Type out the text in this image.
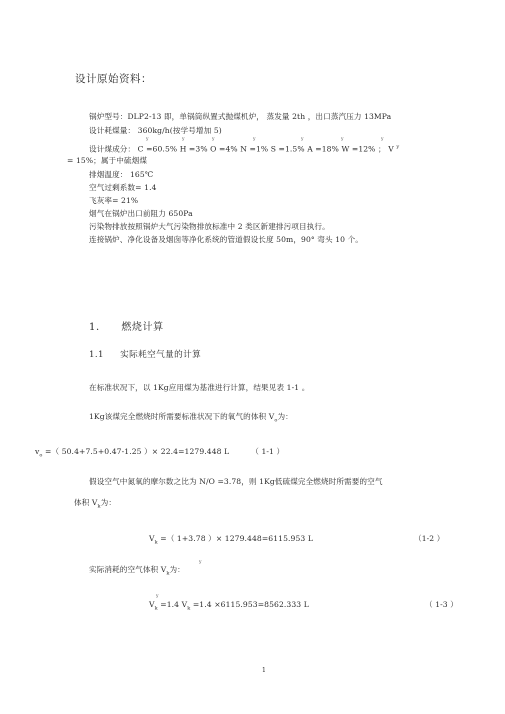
设计原始资料：
锅炉型号：DLP2-13 即，单锅筒纵置式抛煤机炉， 蒸发量 2th ，出口蒸汽压力 13MPa
设计耗煤量： 360kg/h(按学号增加 5)
y	y	y	y	y	y	y
设计煤成分： C =60.5% H =3% O =4% N =1% S =1.5% A =18% W =12% ； V $^y$
= 15%；属于中硫烟煤
排烟温度： 165℃
空气过剩系数= 1.4
飞灰率= 21%
烟气在锅炉出口前阻力 650Pa
污染物排放按照锅炉大气污染物排放标准中 2 类区新建排污项目执行。
连接锅炉、净化设备及烟囱等净化系统的管道假设长度 50m，90° 弯头 10 个。
1. 燃烧计算
1.1 实际耗空气量的计算
在标准状况下，以 1Kg应用煤为基准进行计算，结果见表 1-1 。
1Kg该煤完全燃烧时所需要标准状况下的氧气的体积 $V_o$为：
$v_o$ =（ 50.4+7.5+0.47-1.25 ）× 22.4=1279.448 L	（ 1-1 ）
假设空气中氮氧的摩尔数之比为 N/O =3.78，则 1Kg低硫煤完全燃烧时所需要的空气
体积 $V_k$为：
$V_k$ =（ 1+3.78 ）× 1279.448=6115.953 L	（1-2 ）
y
实际消耗的空气体积 $V_k$为：
y
$V_k =1.4$ $V_k =1.4 \times 6115.953=8562.333$ L	（ 1-3 ）
1
